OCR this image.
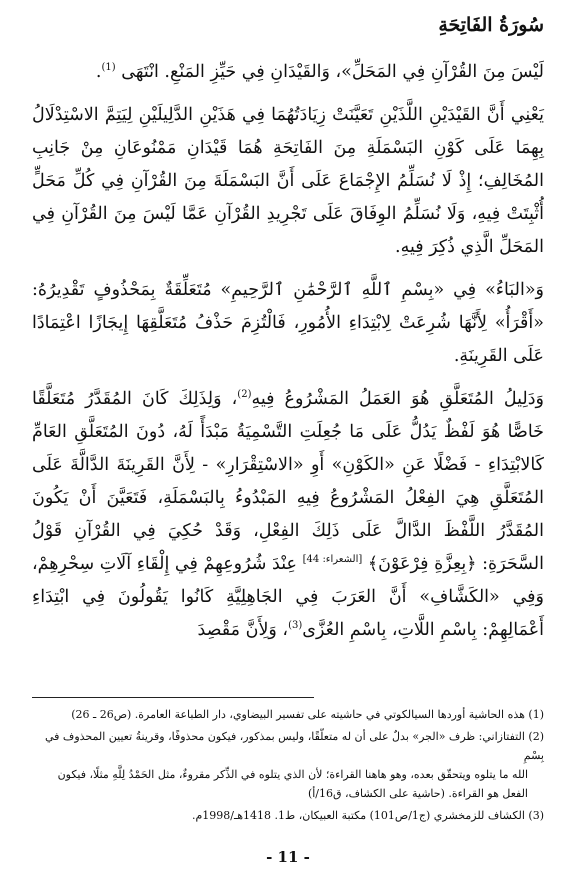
سُورَةُ الفَاتِحَةِ

لَيْسَ مِنَ القُرْآنِ فِي المَحَلِّ»، وَالقَيْدَانِ فِي حَيِّزِ المَنْعِ. انْتَهَى $^{(1)}$.

يَعْنِي أَنَّ القَيْدَيْنِ اللَّذَيْنِ تَعَيَّنَتْ زِيَادَتُهُمَا فِي هَذَيْنِ الدَّلِيلَيْنِ لِيَتِمَّ الاسْتِدْلَالُ بِهِمَا عَلَى كَوْنِ البَسْمَلَةِ مِنَ الفَاتِحَةِ هُمَا قَيْدَانِ مَمْنُوعَانِ مِنْ جَانِبِ المُخَالِفِ؛ إِذْ لَا نُسَلِّمُ الإِجْمَاعَ عَلَى أَنَّ البَسْمَلَةَ مِنَ القُرْآنِ فِي كُلِّ مَحَلٍّ أُثْبِتَتْ فِيهِ، وَلَا نُسَلِّمُ الوِفَاقَ عَلَى تَجْرِيدِ القُرْآنِ عَمَّا لَيْسَ مِنَ القُرْآنِ فِي المَحَلِّ الَّذِي ذُكِرَ فِيهِ.

وَ«البَاءُ» فِي «بِسْمِ ٱللَّهِ ٱلرَّحْمَٰنِ ٱلرَّحِيمِ» مُتَعَلِّقَةٌ بِمَحْذُوفٍ تَقْدِيرُهُ: «أَقْرَأُ» لِأَنَّهَا شُرِعَتْ لِابْتِدَاءِ الأُمُورِ، فَالْتُزِمَ حَذْفُ مُتَعَلَّقِهَا إِيجَازًا اعْتِمَادًا عَلَى القَرِينَةِ.

وَدَلِيلُ المُتَعَلَّقِ هُوَ العَمَلُ المَشْرُوعُ فِيهِ$^{(2)}$، وَلِذَلِكَ كَانَ المُقَدَّرُ مُتَعَلَّقًا خَاصًّا هُوَ لَفْظٌ يَدُلُّ عَلَى مَا جُعِلَتِ التَّسْمِيَةُ مَبْدَأً لَهُ، دُونَ المُتَعَلَّقِ العَامِّ كَالابْتِدَاءِ - فَضْلًا عَنِ «الكَوْنِ» أَوِ «الاسْتِقْرَارِ» - لِأَنَّ القَرِينَةَ الدَّالَّةَ عَلَى المُتَعَلَّقِ هِيَ الفِعْلُ المَشْرُوعُ فِيهِ المَبْدُوءُ بِالبَسْمَلَةِ، فَتَعَيَّنَ أَنْ يَكُونَ المُقَدَّرُ اللَّفْظَ الدَّالَّ عَلَى ذَلِكَ الفِعْلِ، وَقَدْ حُكِيَ فِي القُرْآنِ قَوْلُ السَّحَرَةِ: ﴿بِعِزَّةِ فِرْعَوْنَ﴾ [الشعراء: 44] عِنْدَ شُرُوعِهِمْ فِي إِلْقَاءِ آلَاتِ سِحْرِهِمْ، وَفِي «الكَشَّافِ» أَنَّ العَرَبَ فِي الجَاهِلِيَّةِ كَانُوا يَقُولُونَ فِي ابْتِدَاءِ أَعْمَالِهِمْ: بِاسْمِ اللَّاتِ، بِاسْمِ العُزَّى$^{(3)}$، وَلِأَنَّ مَقْصِدَ

(1) هذه الحاشية أوردها السيالكوتي في حاشيته على تفسير البيضاوي، دار الطباعة العامرة. (ص26 ـ 26)

(2) التفتازاني: ظرف «الجر» بدلٌ على أن له متعلّقًا، وليس بمذكور، فيكون محذوفًا، وقرينةُ تعيين المحذوف في بِسْمِ
الله ما يتلوه ويتحقّق بعده، وهو هاهنا القراءة؛ لأن الذي يتلوه في الذِّكر مقروءٌ، مثل الحَمْدُ لِلَّهِ مثلًا، فيكون
الفعل هو القراءة. (حاشية على الكشاف، ق16/أ)

(3) الكشاف للزمخشري (ج1/ص101) مكتبة العبيكان، ط1. 1418هـ/1998م.

- 11 -
